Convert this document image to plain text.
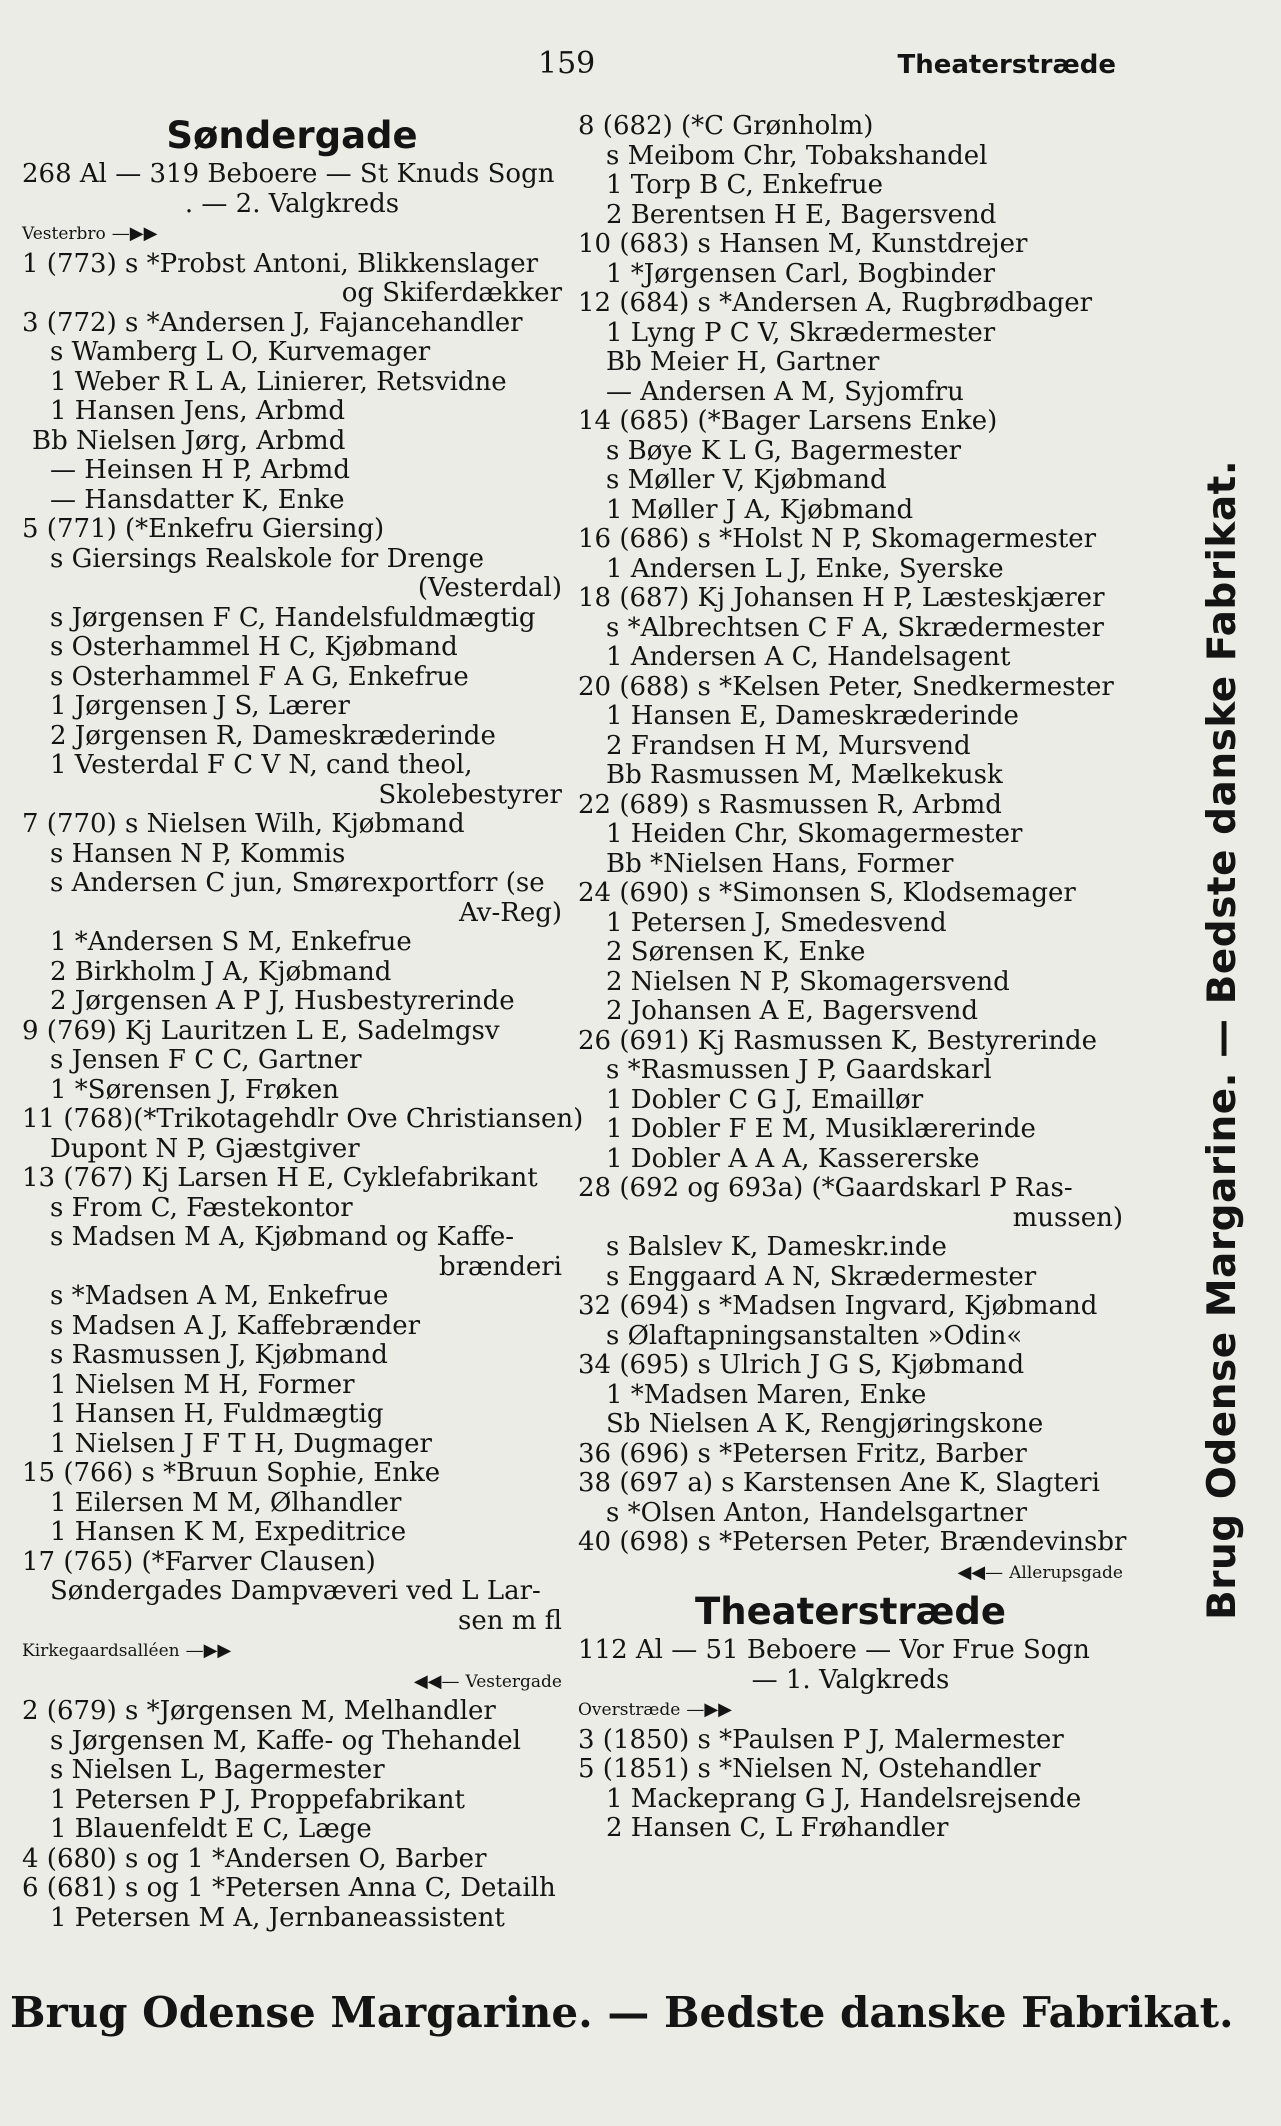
159	Theaterstræde
Søndergade
268 Al — 319 Beboere — St Knuds Sogn
. — 2. Valgkreds
Vesterbro —▶▶
1 (773) s *Probst Antoni, Blikkenslager
og Skiferdækker
3 (772) s *Andersen J, Fajancehandler
s Wamberg L O, Kurvemager
1 Weber R L A, Linierer, Retsvidne
1 Hansen Jens, Arbmd
Bb Nielsen Jørg, Arbmd
— Heinsen H P, Arbmd
— Hansdatter K, Enke
5 (771) (*Enkefru Giersing)
s Giersings Realskole for Drenge
(Vesterdal)
s Jørgensen F C, Handelsfuldmægtig
s Osterhammel H C, Kjøbmand
s Osterhammel F A G, Enkefrue
1 Jørgensen J S, Lærer
2 Jørgensen R, Dameskræderinde
1 Vesterdal F C V N, cand theol,
Skolebestyrer
7 (770) s Nielsen Wilh, Kjøbmand
s Hansen N P, Kommis
s Andersen C jun, Smørexportforr (se
Av-Reg)
1 *Andersen S M, Enkefrue
2 Birkholm J A, Kjøbmand
2 Jørgensen A P J, Husbestyrerinde
9 (769) Kj Lauritzen L E, Sadelmgsv
s Jensen F C C, Gartner
1 *Sørensen J, Frøken
11 (768)(*Trikotagehdlr Ove Christiansen)
Dupont N P, Gjæstgiver
13 (767) Kj Larsen H E, Cyklefabrikant
s From C, Fæstekontor
s Madsen M A, Kjøbmand og Kaffe-
brænderi
s *Madsen A M, Enkefrue
s Madsen A J, Kaffebrænder
s Rasmussen J, Kjøbmand
1 Nielsen M H, Former
1 Hansen H, Fuldmægtig
1 Nielsen J F T H, Dugmager
15 (766) s *Bruun Sophie, Enke
1 Eilersen M M, Ølhandler
1 Hansen K M, Expeditrice
17 (765) (*Farver Clausen)
Søndergades Dampvæveri ved L Lar-
sen m fl
Kirkegaardsalléen —▶▶
◀◀— Vestergade
2 (679) s *Jørgensen M, Melhandler
s Jørgensen M, Kaffe- og Thehandel
s Nielsen L, Bagermester
1 Petersen P J, Proppefabrikant
1 Blauenfeldt E C, Læge
4 (680) s og 1 *Andersen O, Barber
6 (681) s og 1 *Petersen Anna C, Detailh
1 Petersen M A, Jernbaneassistent
8 (682) (*C Grønholm)
s Meibom Chr, Tobakshandel
1 Torp B C, Enkefrue
2 Berentsen H E, Bagersvend
10 (683) s Hansen M, Kunstdrejer
1 *Jørgensen Carl, Bogbinder
12 (684) s *Andersen A, Rugbrødbager
1 Lyng P C V, Skrædermester
Bb Meier H, Gartner
— Andersen A M, Syjomfru
14 (685) (*Bager Larsens Enke)
s Bøye K L G, Bagermester
s Møller V, Kjøbmand
1 Møller J A, Kjøbmand
16 (686) s *Holst N P, Skomagermester
1 Andersen L J, Enke, Syerske
18 (687) Kj Johansen H P, Læsteskjærer
s *Albrechtsen C F A, Skrædermester
1 Andersen A C, Handelsagent
20 (688) s *Kelsen Peter, Snedkermester
1 Hansen E, Dameskræderinde
2 Frandsen H M, Mursvend
Bb Rasmussen M, Mælkekusk
22 (689) s Rasmussen R, Arbmd
1 Heiden Chr, Skomagermester
Bb *Nielsen Hans, Former
24 (690) s *Simonsen S, Klodsemager
1 Petersen J, Smedesvend
2 Sørensen K, Enke
2 Nielsen N P, Skomagersvend
2 Johansen A E, Bagersvend
26 (691) Kj Rasmussen K, Bestyrerinde
s *Rasmussen J P, Gaardskarl
1 Dobler C G J, Emaillør
1 Dobler F E M, Musiklærerinde
1 Dobler A A A, Kassererske
28 (692 og 693a) (*Gaardskarl P Ras-
mussen)
s Balslev K, Dameskr.inde
s Enggaard A N, Skrædermester
32 (694) s *Madsen Ingvard, Kjøbmand
s Ølaftapningsanstalten »Odin«
34 (695) s Ulrich J G S, Kjøbmand
1 *Madsen Maren, Enke
Sb Nielsen A K, Rengjøringskone
36 (696) s *Petersen Fritz, Barber
38 (697 a) s Karstensen Ane K, Slagteri
s *Olsen Anton, Handelsgartner
40 (698) s *Petersen Peter, Brændevinsbr
◀◀— Allerupsgade
Theaterstræde
112 Al — 51 Beboere — Vor Frue Sogn
— 1. Valgkreds
Overstræde —▶▶
3 (1850) s *Paulsen P J, Malermester
5 (1851) s *Nielsen N, Ostehandler
1 Mackeprang G J, Handelsrejsende
2 Hansen C, L Frøhandler
Brug Odense Margarine. — Bedste danske Fabrikat.
Brug Odense Margarine. — Bedste danske Fabrikat.
